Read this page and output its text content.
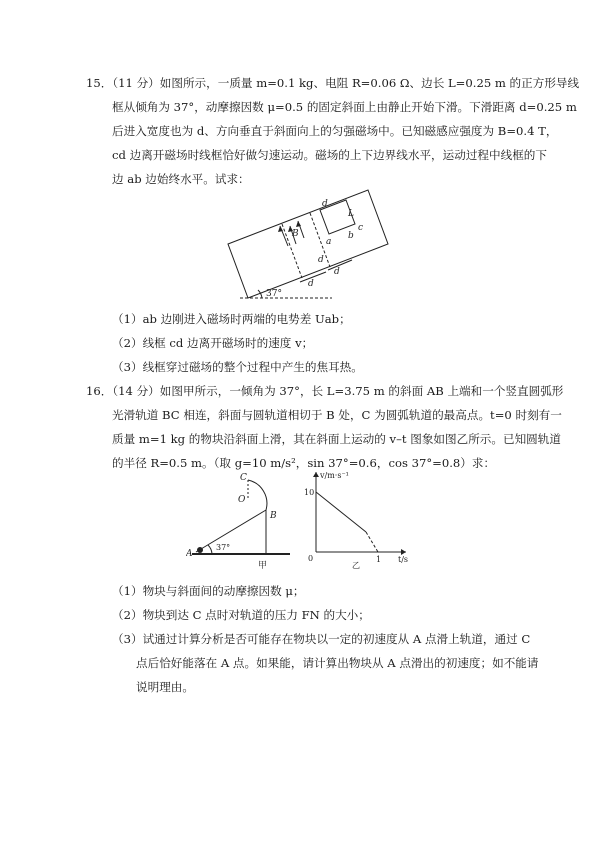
15．（11 分）如图所示，一质量 m=0.1 kg、电阻 R=0.06 Ω、边长 L=0.25 m 的正方形导线
框从倾角为 37°，动摩擦因数 μ=0.5 的固定斜面上由静止开始下滑。下滑距离 d=0.25 m
后进入宽度也为 d、方向垂直于斜面向上的匀强磁场中。已知磁感应强度为 B=0.4 T，
cd 边离开磁场时线框恰好做匀速运动。磁场的上下边界线水平，运动过程中线框的下
边 ab 边始终水平。试求：
B
d
d
d
d
L
c
a
b
37°
（1）ab 边刚进入磁场时两端的电势差 Uab；
（2）线框 cd 边离开磁场时的速度 v；
（3）线框穿过磁场的整个过程中产生的焦耳热。
16．（14 分）如图甲所示，一倾角为 37°，长 L=3.75 m 的斜面 AB 上端和一个竖直圆弧形
光滑轨道 BC 相连，斜面与圆轨道相切于 B 处，C 为圆弧轨道的最高点。t=0 时刻有一
质量 m=1 kg 的物块沿斜面上滑，其在斜面上运动的 v–t 图象如图乙所示。已知圆轨道
的半径 R=0.5 m。（取 g=10 m/s²，sin 37°=0.6，cos 37°=0.8）求：
C
O
B
A
37°
甲
v/m·s⁻¹
t/s
10
1
0
乙
（1）物块与斜面间的动摩擦因数 μ；
（2）物块到达 C 点时对轨道的压力 FN 的大小；
（3）试通过计算分析是否可能存在物块以一定的初速度从 A 点滑上轨道，通过 C
点后恰好能落在 A 点。如果能，请计算出物块从 A 点滑出的初速度；如不能请
说明理由。
